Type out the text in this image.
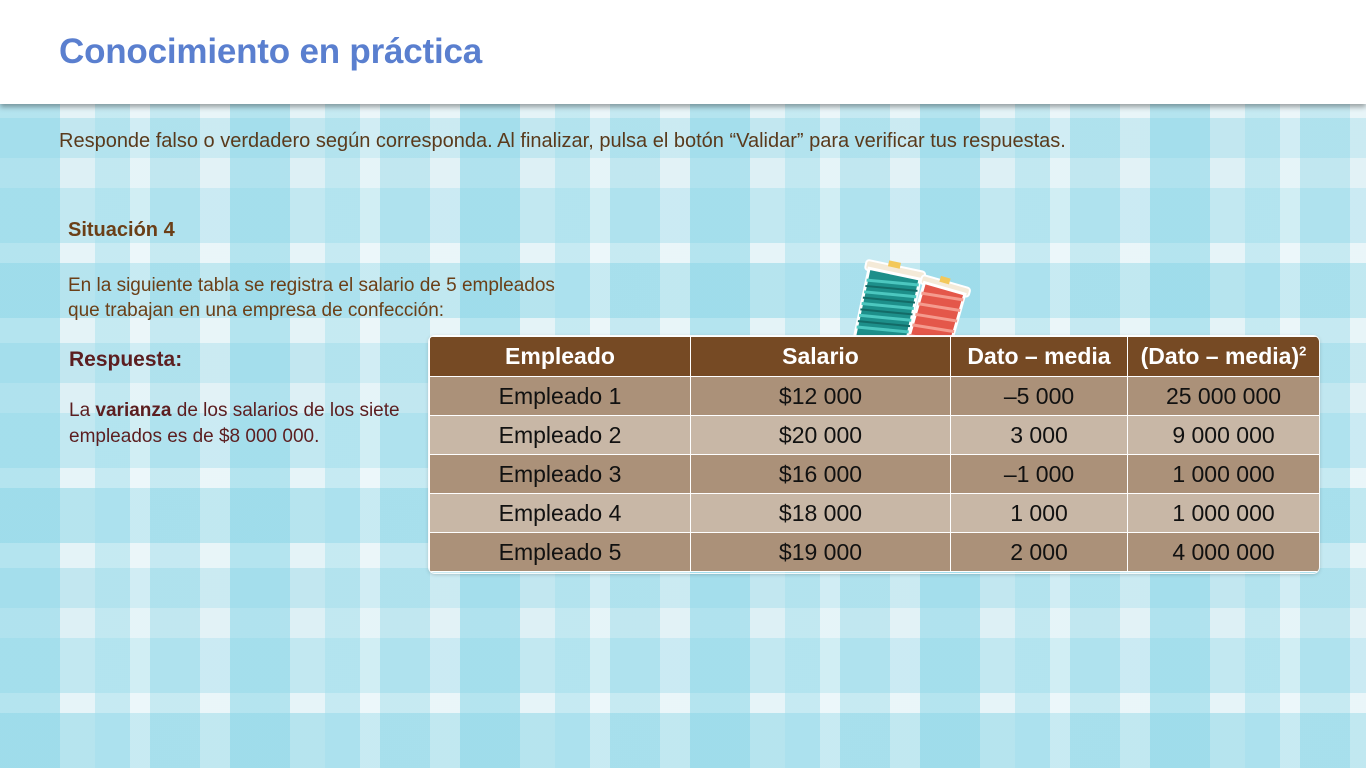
Conocimiento en práctica
Responde falso o verdadero según corresponda. Al finalizar, pulsa el botón “Validar” para verificar tus respuestas.
Situación 4
En la siguiente tabla se registra el salario de 5 empleados
que trabajan en una empresa de confección:
Respuesta:
La varianza de los salarios de los siete empleados es de $8 000 000.
Empleado	Salario	Dato – media	(Dato – media)$^2$
Empleado 1	$12 000	–5 000	25 000 000
Empleado 2	$20 000	3 000	9 000 000
Empleado 3	$16 000	–1 000	1 000 000
Empleado 4	$18 000	1 000	1 000 000
Empleado 5	$19 000	2 000	4 000 000
